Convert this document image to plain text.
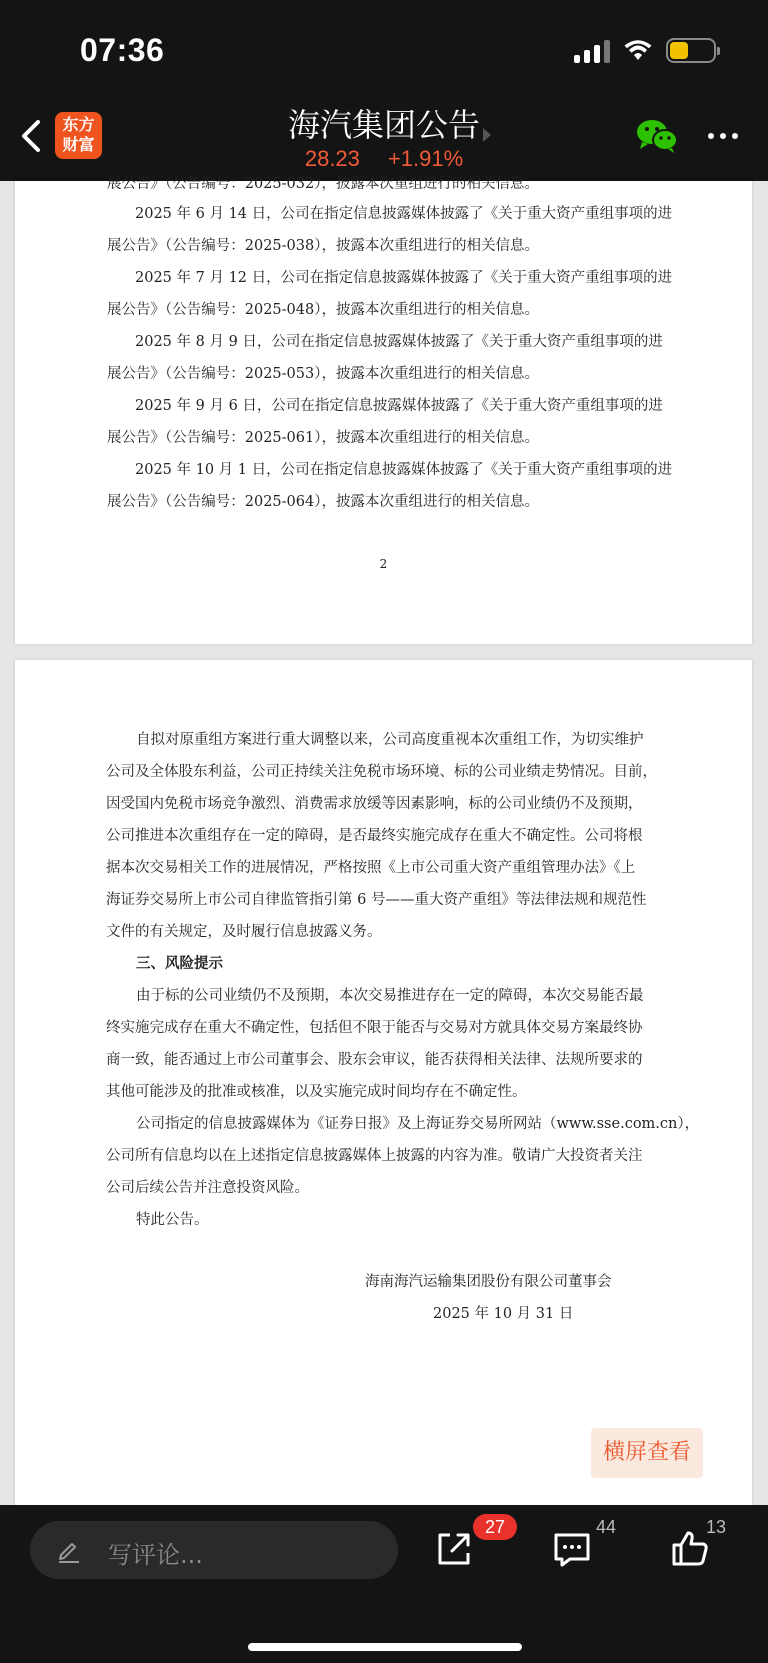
07:36
东方
财富
海汽集团公告
28.23 +1.91%
展公告》（公告编号：2025-032），披露本次重组进行的相关信息。
2025 年 6 月 14 日，公司在指定信息披露媒体披露了《关于重大资产重组事项的进
展公告》（公告编号：2025-038），披露本次重组进行的相关信息。
2025 年 7 月 12 日，公司在指定信息披露媒体披露了《关于重大资产重组事项的进
展公告》（公告编号：2025-048），披露本次重组进行的相关信息。
2025 年 8 月 9 日，公司在指定信息披露媒体披露了《关于重大资产重组事项的进
展公告》（公告编号：2025-053），披露本次重组进行的相关信息。
2025 年 9 月 6 日，公司在指定信息披露媒体披露了《关于重大资产重组事项的进
展公告》（公告编号：2025-061），披露本次重组进行的相关信息。
2025 年 10 月 1 日，公司在指定信息披露媒体披露了《关于重大资产重组事项的进
展公告》（公告编号：2025-064），披露本次重组进行的相关信息。
2
自拟对原重组方案进行重大调整以来，公司高度重视本次重组工作，为切实维护
公司及全体股东利益，公司正持续关注免税市场环境、标的公司业绩走势情况。目前，
因受国内免税市场竞争激烈、消费需求放缓等因素影响，标的公司业绩仍不及预期，
公司推进本次重组存在一定的障碍，是否最终实施完成存在重大不确定性。公司将根
据本次交易相关工作的进展情况，严格按照《上市公司重大资产重组管理办法》《上
海证券交易所上市公司自律监管指引第 6 号——重大资产重组》等法律法规和规范性
文件的有关规定，及时履行信息披露义务。
三、风险提示
由于标的公司业绩仍不及预期，本次交易推进存在一定的障碍，本次交易能否最
终实施完成存在重大不确定性，包括但不限于能否与交易对方就具体交易方案最终协
商一致，能否通过上市公司董事会、股东会审议，能否获得相关法律、法规所要求的
其他可能涉及的批准或核准，以及实施完成时间均存在不确定性。
公司指定的信息披露媒体为《证券日报》及上海证券交易所网站（www.sse.com.cn），
公司所有信息均以在上述指定信息披露媒体上披露的内容为准。敬请广大投资者关注
公司后续公告并注意投资风险。
特此公告。
海南海汽运输集团股份有限公司董事会
2025 年 10 月 31 日
横屏查看
写评论...
27	44	13
